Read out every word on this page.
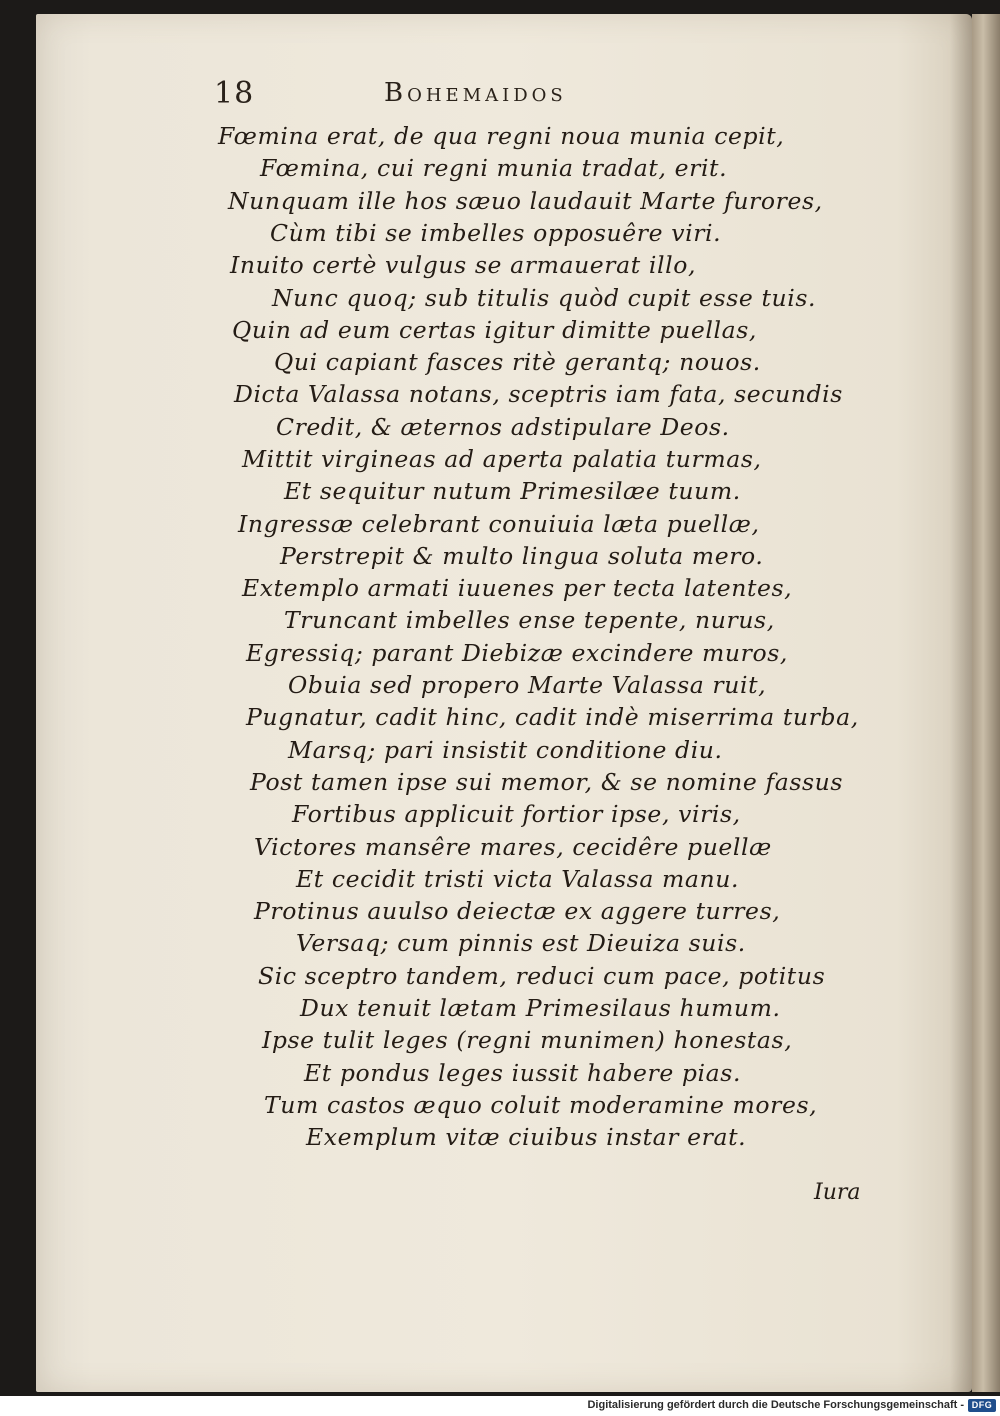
18	Bohemaidos
Fœmina erat, de qua regni noua munia cepit,
Fœmina, cui regni munia tradat, erit.
Nunquam ille hos sæuo laudauit Marte furores,
Cùm tibi se imbelles opposuêre viri.
Inuito certè vulgus se armauerat illo,
Nunc quoq; sub titulis quòd cupit esse tuis.
Quin ad eum certas igitur dimitte puellas,
Qui capiant fasces ritè gerantq; nouos.
Dicta Valassa notans, sceptris iam fata, secundis
Credit, & æternos adstipulare Deos.
Mittit virgineas ad aperta palatia turmas,
Et sequitur nutum Primesilæe tuum.
Ingressæ celebrant conuiuia læta puellæ,
Perstrepit & multo lingua soluta mero.
Extemplo armati iuuenes per tecta latentes,
Truncant imbelles ense tepente, nurus,
Egressiq; parant Diebizæ excindere muros,
Obuia sed propero Marte Valassa ruit,
Pugnatur, cadit hinc, cadit indè miserrima turba,
Marsq; pari insistit conditione diu.
Post tamen ipse sui memor, & se nomine fassus
Fortibus applicuit fortior ipse, viris,
Victores mansêre mares, cecidêre puellæ
Et cecidit tristi victa Valassa manu.
Protinus auulso deiectæ ex aggere turres,
Versaq; cum pinnis est Dieuiza suis.
Sic sceptro tandem, reduci cum pace, potitus
Dux tenuit lætam Primesilaus humum.
Ipse tulit leges (regni munimen) honestas,
Et pondus leges iussit habere pias.
Tum castos æquo coluit moderamine mores,
Exemplum vitæ ciuibus instar erat.
Iura
Digitalisierung gefördert durch die Deutsche Forschungsgemeinschaft - DFG
